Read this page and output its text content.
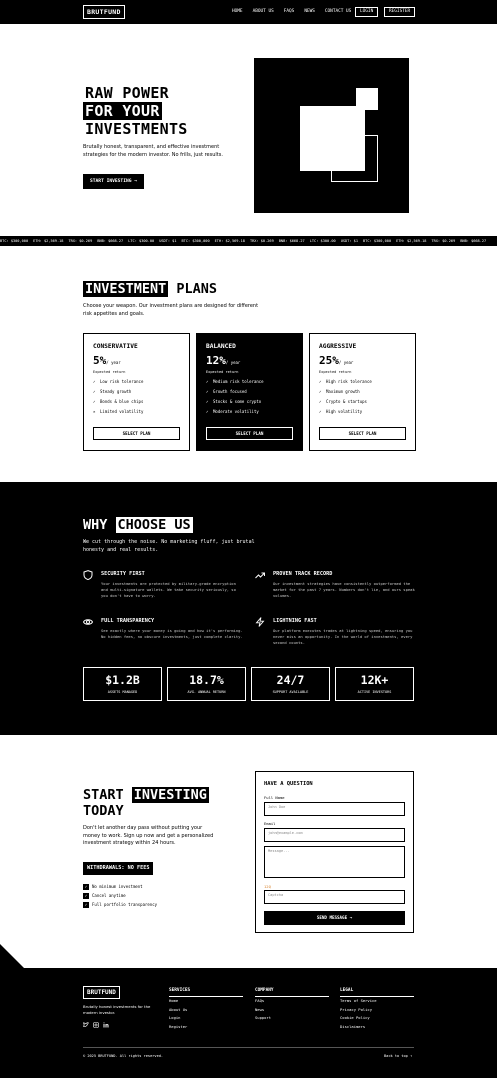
BRUTFUND	HOME ABOUT US FAQS NEWS CONTACT US	LOGIN	REGISTER
RAW POWER
FOR YOUR
INVESTMENTS
Brutally honest, transparent, and effective investment strategies for the modern investor. No frills, just results.
START INVESTING →
BTC: $300,000 ETH: $2,569.18 TRX: $0.269 BNB: $668.27 LTC: $300.00 USDT: $1 BTC: $300,000 ETH: $2,569.18 TRX: $0.269 BNB: $668.27 LTC: $300.00 USDT: $1 BTC: $300,000 ETH: $2,569.18 TRX: $0.269 BNB: $668.27
INVESTMENT PLANS
Choose your weapon. Our investment plans are designed for different risk appetites and goals.
CONSERVATIVE
5%/ year
Expected return
✓ Low risk tolerance
✓ Steady growth
✓ Bonds & blue chips
✕ Limited volatility
SELECT PLAN
BALANCED
12%/ year
Expected return
✓ Medium risk tolerance
✓ Growth focused
✓ Stocks & some crypto
✓ Moderate volatility
SELECT PLAN
AGGRESSIVE
25%/ year
Expected return
✓ High risk tolerance
✓ Maximum growth
✓ Crypto & startups
✓ High volatility
SELECT PLAN
WHY CHOOSE US
We cut through the noise. No marketing fluff, just brutal honesty and real results.
SECURITY FIRST
Your investments are protected by military-grade encryption and multi-signature wallets. We take security seriously, so you don't have to worry.
PROVEN TRACK RECORD
Our investment strategies have consistently outperformed the market for the past 7 years. Numbers don't lie, and ours speak volumes.
FULL TRANSPARENCY
See exactly where your money is going and how it's performing. No hidden fees, no obscure investments, just complete clarity.
LIGHTNING FAST
Our platform executes trades at lightning speed, ensuring you never miss an opportunity. In the world of investments, every second counts.
$1.2B
ASSETS MANAGED
18.7%
AVG. ANNUAL RETURN
24/7
SUPPORT AVAILABLE
12K+
ACTIVE INVESTORS
START INVESTING
TODAY
Don't let another day pass without putting your money to work. Sign up now and get a personalized investment strategy within 24 hours.
WITHDRAWALS: NO FEES
✓ No minimum investment
✓ Cancel anytime
✓ Full portfolio transparency
HAVE A QUESTION
Full Name
John Doe
Email
john@example.com
Message...
12Q
Captcha
SEND MESSAGE →
BRUTFUND
Brutally honest investments for the modern investor.
SERVICES
Home
About Us
Login
Register
COMPANY
FAQs
News
Support
LEGAL
Terms of Service
Privacy Policy
Cookie Policy
Disclaimers
© 2025 BRUTFUND. All rights reserved.	Back to top ↑
